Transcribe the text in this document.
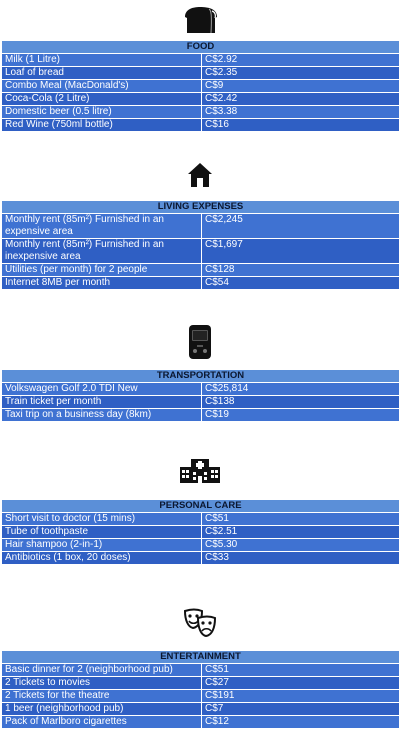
FOOD	
Milk (1 Litre)	C$2.92
Loaf of bread	C$2.35
Combo Meal (MacDonald's)	C$9
Coca-Cola (2 Litre)	C$2.42
Domestic beer (0.5 litre)	C$3.38
Red Wine (750ml bottle)	C$16
LIVING EXPENSES	
Monthly rent (85m²) Furnished in an expensive area	C$2,245
Monthly rent (85m²) Furnished in an inexpensive area	C$1,697
Utilities (per month) for 2 people	C$128
Internet 8MB per month	C$54
TRANSPORTATION	
Volkswagen Golf 2.0 TDI New	C$25,814
Train ticket per month	C$138
Taxi trip on a business day (8km)	C$19
PERSONAL CARE	
Short visit to doctor (15 mins)	C$51
Tube of toothpaste	C$2.51
Hair shampoo (2-in-1)	C$5.30
Antibiotics (1 box, 20 doses)	C$33
ENTERTAINMENT	
Basic dinner for 2 (neighborhood pub)	C$51
2 Tickets to movies	C$27
2 Tickets for the theatre	C$191
1 beer (neighborhood pub)	C$7
Pack of Marlboro cigarettes	C$12
